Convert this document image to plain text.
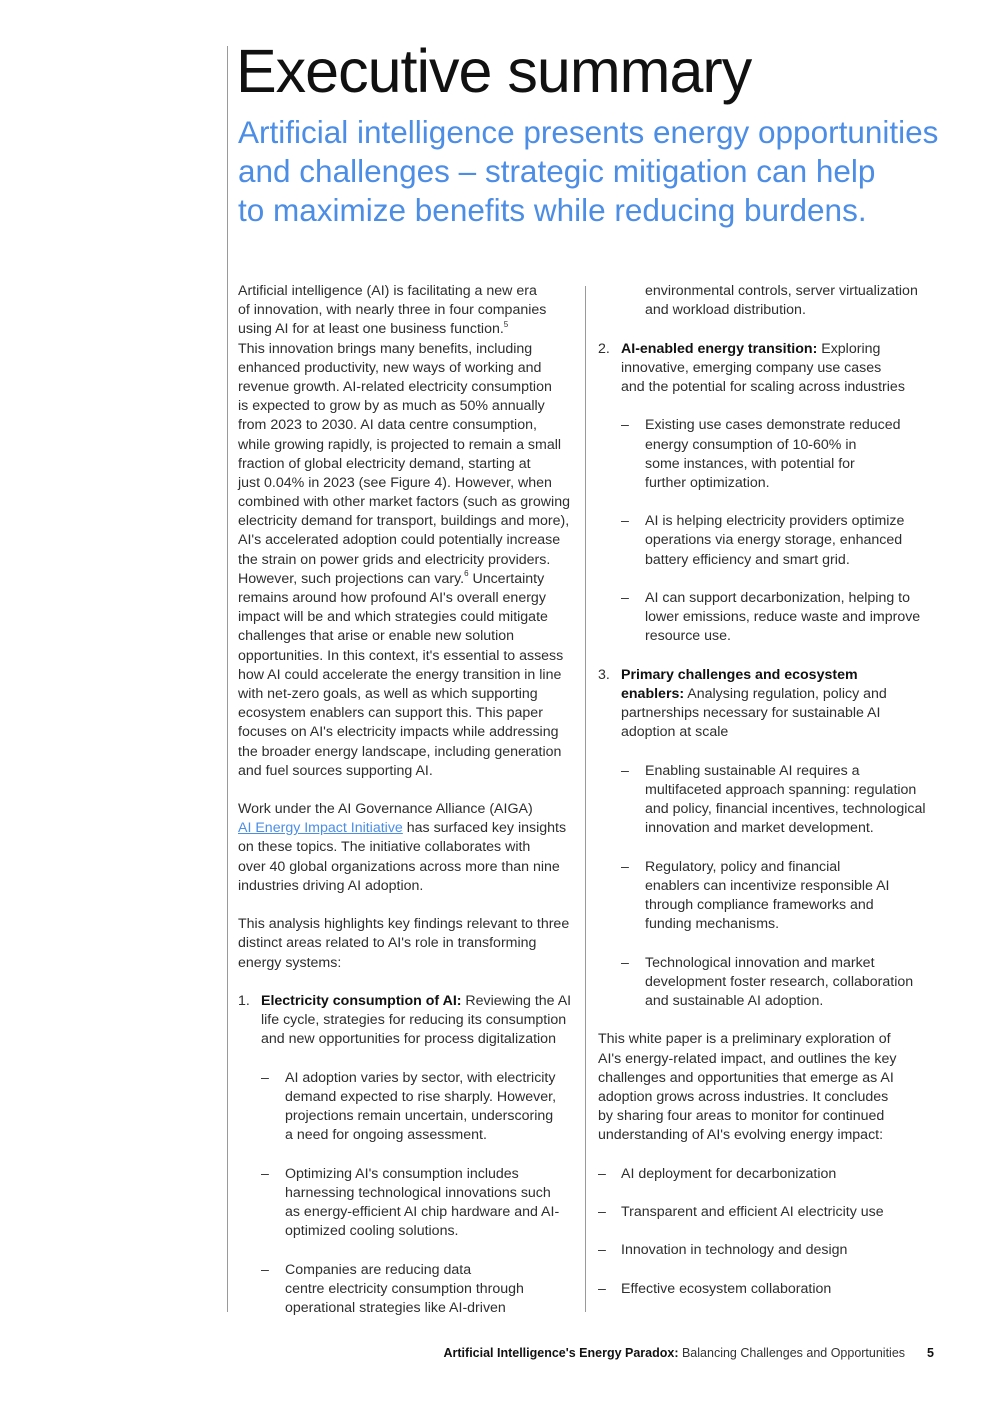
Executive summary
Artificial intelligence presents energy opportunities
and challenges – strategic mitigation can help
to maximize benefits while reducing burdens.
Artificial intelligence (AI) is facilitating a new era
of innovation, with nearly three in four companies
using AI for at least one business function.$^5$
This innovation brings many benefits, including
enhanced productivity, new ways of working and
revenue growth. AI-related electricity consumption
is expected to grow by as much as 50% annually
from 2023 to 2030. AI data centre consumption,
while growing rapidly, is projected to remain a small
fraction of global electricity demand, starting at
just 0.04% in 2023 (see Figure 4). However, when
combined with other market factors (such as growing
electricity demand for transport, buildings and more),
AI's accelerated adoption could potentially increase
the strain on power grids and electricity providers.
However, such projections can vary.$^6$ Uncertainty
remains around how profound AI's overall energy
impact will be and which strategies could mitigate
challenges that arise or enable new solution
opportunities. In this context, it's essential to assess
how AI could accelerate the energy transition in line
with net-zero goals, as well as which supporting
ecosystem enablers can support this. This paper
focuses on AI's electricity impacts while addressing
the broader energy landscape, including generation
and fuel sources supporting AI.
Work under the AI Governance Alliance (AIGA)
AI Energy Impact Initiative has surfaced key insights
on these topics. The initiative collaborates with
over 40 global organizations across more than nine
industries driving AI adoption.
This analysis highlights key findings relevant to three
distinct areas related to AI's role in transforming
energy systems:
1. Electricity consumption of AI: Reviewing the AI
life cycle, strategies for reducing its consumption
and new opportunities for process digitalization
– AI adoption varies by sector, with electricity
demand expected to rise sharply. However,
projections remain uncertain, underscoring
a need for ongoing assessment.
– Optimizing AI's consumption includes
harnessing technological innovations such
as energy-efficient AI chip hardware and AI-
optimized cooling solutions.
– Companies are reducing data
centre electricity consumption through
operational strategies like AI-driven
environmental controls, server virtualization
and workload distribution.
2. AI-enabled energy transition: Exploring
innovative, emerging company use cases
and the potential for scaling across industries
– Existing use cases demonstrate reduced
energy consumption of 10-60% in
some instances, with potential for
further optimization.
– AI is helping electricity providers optimize
operations via energy storage, enhanced
battery efficiency and smart grid.
– AI can support decarbonization, helping to
lower emissions, reduce waste and improve
resource use.
3. Primary challenges and ecosystem
enablers: Analysing regulation, policy and
partnerships necessary for sustainable AI
adoption at scale
– Enabling sustainable AI requires a
multifaceted approach spanning: regulation
and policy, financial incentives, technological
innovation and market development.
– Regulatory, policy and financial
enablers can incentivize responsible AI
through compliance frameworks and
funding mechanisms.
– Technological innovation and market
development foster research, collaboration
and sustainable AI adoption.
This white paper is a preliminary exploration of
AI's energy-related impact, and outlines the key
challenges and opportunities that emerge as AI
adoption grows across industries. It concludes
by sharing four areas to monitor for continued
understanding of AI's evolving energy impact:
– AI deployment for decarbonization
– Transparent and efficient AI electricity use
– Innovation in technology and design
– Effective ecosystem collaboration
Artificial Intelligence's Energy Paradox: Balancing Challenges and Opportunities 5
